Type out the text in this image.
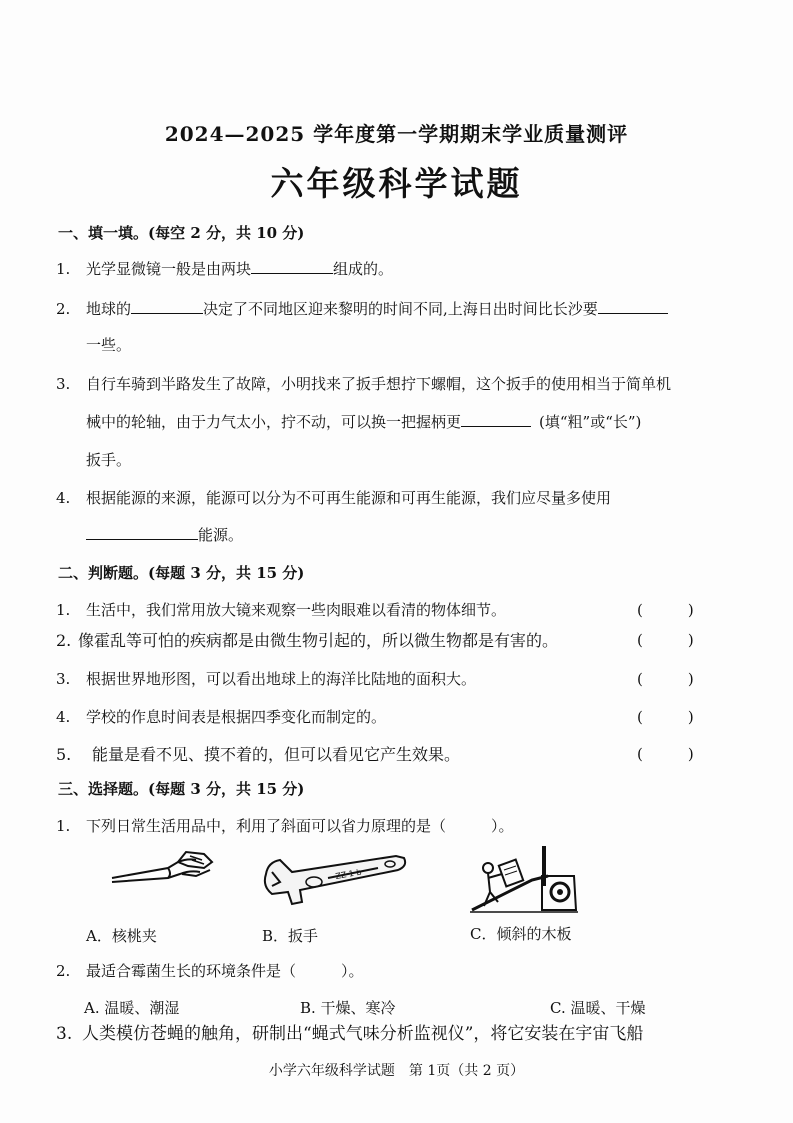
2024—2025 学年度第一学期期末学业质量测评
六年级科学试题
一、填一填。(每空 2 分，共 10 分)
1. 光学显微镜一般是由两块	组成的。
2. 地球的	决定了不同地区迎来黎明的时间不同,上海日出时间比长沙要
一些。
3. 自行车骑到半路发生了故障，小明找来了扳手想拧下螺帽，这个扳手的使用相当于简单机
械中的轮轴，由于力气太小，拧不动，可以换一把握柄更	(填“粗”或“长”)
扳手。
4. 根据能源的来源，能源可以分为不可再生能源和可再生能源，我们应尽量多使用
能源。
二、判断题。(每题 3 分，共 15 分)
1. 生活中，我们常用放大镜来观察一些肉眼难以看清的物体细节。	(　　　)
2. 像霍乱等可怕的疾病都是由微生物引起的，所以微生物都是有害的。	(　　　)
3. 根据世界地形图，可以看出地球上的海洋比陆地的面积大。	(　　　)
4. 学校的作息时间表是根据四季变化而制定的。	(　　　)
5. 能量是看不见、摸不着的，但可以看见它产生效果。	(　　　)
三、选择题。(每题 3 分，共 15 分)
1. 下列日常生活用品中，利用了斜面可以省力原理的是（　　　）。
ZZ 1 b
A．核桃夹	B．扳手	C．倾斜的木板
2. 最适合霉菌生长的环境条件是（　　　）。
A. 温暖、潮湿	B. 干燥、寒冷	C. 温暖、干燥
3. 人类模仿苍蝇的触角，研制出“蝇式气味分析监视仪”，将它安装在宇宙飞船
小学六年级科学试题　第 1页（共 2 页）
